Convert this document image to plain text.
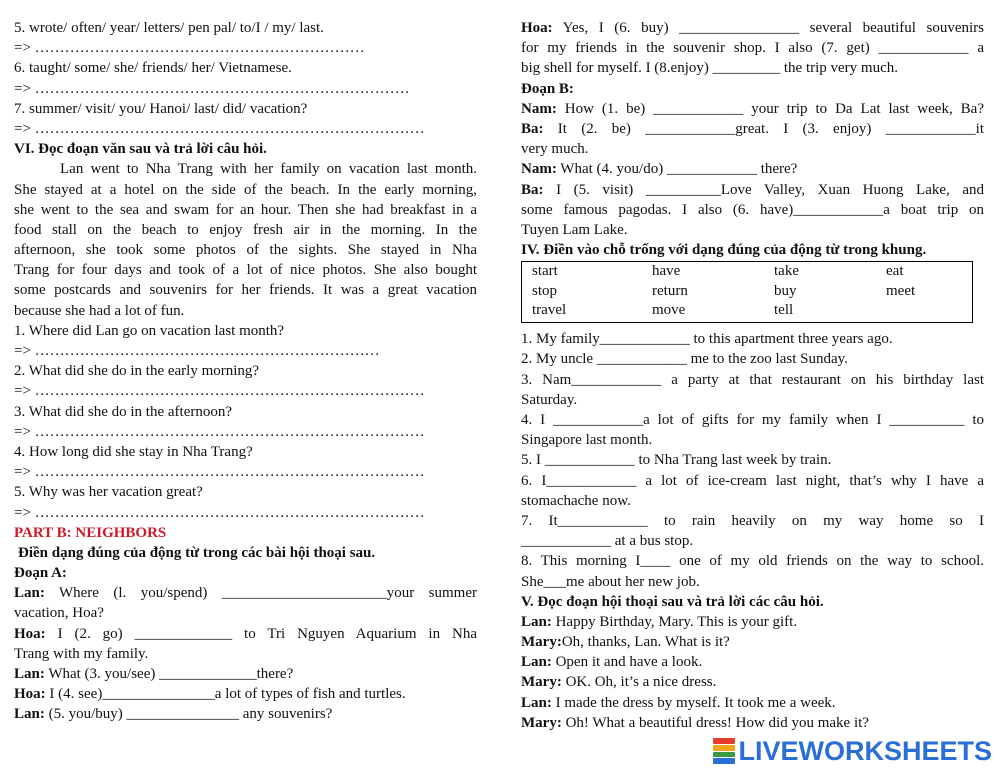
5. wrote/ often/ year/ letters/ pen pal/ to/I / my/ last.
=> …………………………………………………………
6. taught/ some/ she/ friends/ her/ Vietnamese.
=> …………………………………………………………………
7. summer/ visit/ you/ Hanoi/ last/ did/ vacation?
=> ……………………………………………………………………
VI. Đọc đoạn văn sau và trả lời câu hỏi.
Lan went to Nha Trang with her family on vacation last month.
She stayed at a hotel on the side of the beach. In the early morning,
she went to the sea and swam for an hour. Then she had breakfast in a
food stall on the beach to enjoy fresh air in the morning. In the
afternoon, she took some photos of the sights. She stayed in Nha
Trang for four days and took of a lot of nice photos. She also bought
some postcards and souvenirs for her friends. It was a great vacation
because she had a lot of fun.
1. Where did Lan go on vacation last month?
=> ……………………………………………………………
2. What did she do in the early morning?
=> ……………………………………………………………………
3. What did she do in the afternoon?
=> ……………………………………………………………………
4. How long did she stay in Nha Trang?
=> ……………………………………………………………………
5. Why was her vacation great?
=> ……………………………………………………………………
PART B: NEIGHBORS
Điền dạng đúng của động từ trong các bài hội thoại sau.
Đoạn A:
Lan: Where (l. you/spend) ______________________your summer
vacation, Hoa?
Hoa: I (2. go) _____________ to Tri Nguyen Aquarium in Nha
Trang with my family.
Lan: What (3. you/see) _____________there?
Hoa: I (4. see)_______________a lot of types of fish and turtles.
Lan: (5. you/buy) _______________ any souvenirs?
Hoa: Yes, I (6. buy) ________________ several beautiful souvenirs
for my friends in the souvenir shop. I also (7. get) ____________ a
big shell for myself. I (8.enjoy) _________ the trip very much.
Đoạn B:
Nam: How (1. be) ____________ your trip to Da Lat last week, Ba?
Ba: It (2. be) ____________great. I (3. enjoy) ____________it
very much.
Nam: What (4. you/do) ____________ there?
Ba: I (5. visit) __________Love Valley, Xuan Huong Lake, and
some famous pagodas. I also (6. have)____________a boat trip on
Tuyen Lam Lake.
IV. Điền vào chỗ trống với dạng đúng của động từ trong khung.
start	have	take	eat
stop	return	buy	meet
travel	move	tell
1. My family____________ to this apartment three years ago.
2. My uncle ____________ me to the zoo last Sunday.
3. Nam____________ a party at that restaurant on his birthday last
Saturday.
4. I ____________a lot of gifts for my family when I __________ to
Singapore last month.
5. I ____________ to Nha Trang last week by train.
6. I____________ a lot of ice-cream last night, that’s why I have a
stomachache now.
7. It____________ to rain heavily on my way home so I
____________ at a bus stop.
8. This morning I____ one of my old friends on the way to school.
She___me about her new job.
V. Đọc đoạn hội thoại sau và trả lời các câu hỏi.
Lan: Happy Birthday, Mary. This is your gift.
Mary:Oh, thanks, Lan. What is it?
Lan: Open it and have a look.
Mary: OK. Oh, it’s a nice dress.
Lan: I made the dress by myself. It took me a week.
Mary: Oh! What a beautiful dress! How did you make it?
LIVEWORKSHEETS
